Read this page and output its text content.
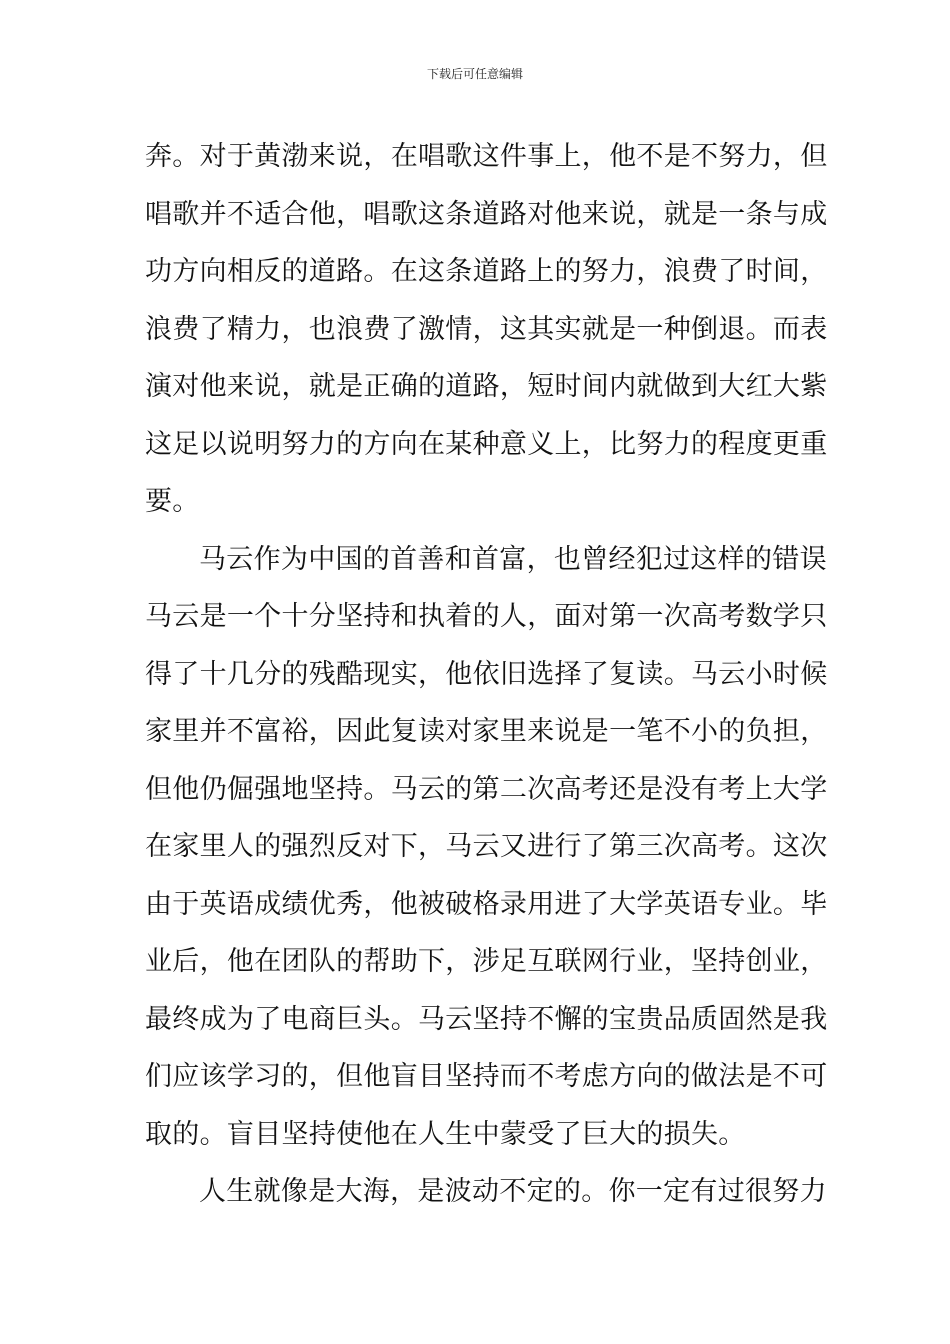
下载后可任意编辑
奔。对于黄渤来说，在唱歌这件事上，他不是不努力，但
唱歌并不适合他，唱歌这条道路对他来说，就是一条与成
功方向相反的道路。在这条道路上的努力，浪费了时间，
浪费了精力，也浪费了激情，这其实就是一种倒退。而表
演对他来说，就是正确的道路，短时间内就做到大红大紫
这足以说明努力的方向在某种意义上，比努力的程度更重
要。
马云作为中国的首善和首富，也曾经犯过这样的错误
马云是一个十分坚持和执着的人，面对第一次高考数学只
得了十几分的残酷现实，他依旧选择了复读。马云小时候
家里并不富裕，因此复读对家里来说是一笔不小的负担，
但他仍倔强地坚持。马云的第二次高考还是没有考上大学
在家里人的强烈反对下，马云又进行了第三次高考。这次
由于英语成绩优秀，他被破格录用进了大学英语专业。毕
业后，他在团队的帮助下，涉足互联网行业，坚持创业，
最终成为了电商巨头。马云坚持不懈的宝贵品质固然是我
们应该学习的，但他盲目坚持而不考虑方向的做法是不可
取的。盲目坚持使他在人生中蒙受了巨大的损失。
人生就像是大海，是波动不定的。你一定有过很努力
